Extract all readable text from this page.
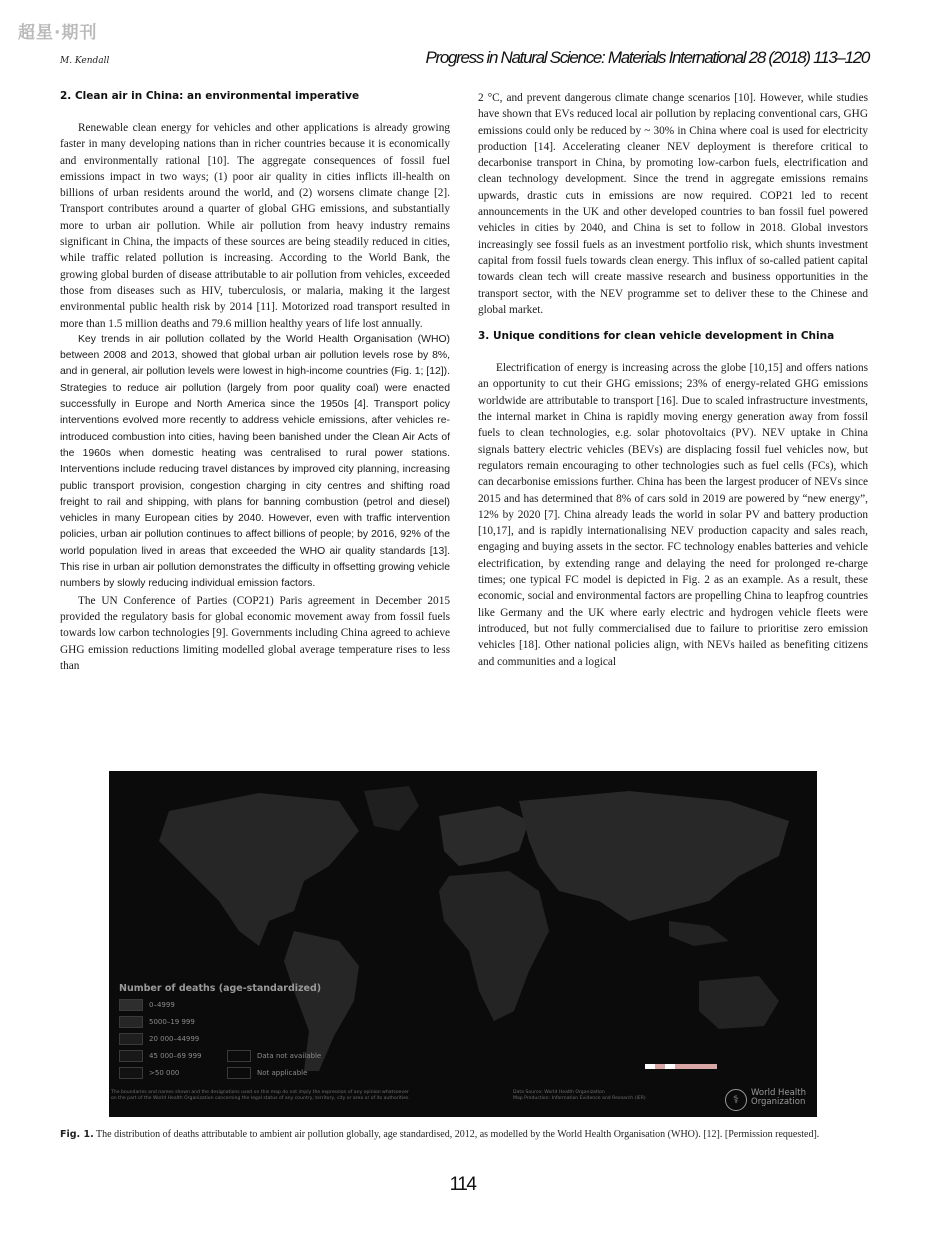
超星·期刊
M. Kendall	Progress in Natural Science: Materials International 28 (2018) 113–120
2. Clean air in China: an environmental imperative

Renewable clean energy for vehicles and other applications is already growing faster in many developing nations than in richer countries because it is economically and environmentally rational [10]. The aggregate consequences of fossil fuel emissions impact in two ways; (1) poor air quality in cities inflicts ill-health on billions of urban residents around the world, and (2) worsens climate change [2]. Transport contributes around a quarter of global GHG emissions, and substantially more to urban air pollution. While air pollution from heavy industry remains significant in China, the impacts of these sources are being steadily reduced in cities, while traffic related pollution is increasing. According to the World Bank, the growing global burden of disease attributable to air pollution from vehicles, exceeded those from diseases such as HIV, tuberculosis, or malaria, making it the largest environmental public health risk by 2014 [11]. Motorized road transport resulted in more than 1.5 million deaths and 79.6 million healthy years of life lost annually.

Key trends in air pollution collated by the World Health Organisation (WHO) between 2008 and 2013, showed that global urban air pollution levels rose by 8%, and in general, air pollution levels were lowest in high-income countries (Fig. 1; [12]). Strategies to reduce air pollution (largely from poor quality coal) were enacted successfully in Europe and North America since the 1950s [4]. Transport policy interventions evolved more recently to address vehicle emissions, after vehicles re-introduced combustion into cities, having been banished under the Clean Air Acts of the 1960s when domestic heating was centralised to rural power stations. Interventions include reducing travel distances by improved city planning, increasing public transport provision, congestion charging in city centres and shifting road freight to rail and shipping, with plans for banning combustion (petrol and diesel) vehicles in many European cities by 2040. However, even with traffic intervention policies, urban air pollution continues to affect billions of people; by 2016, 92% of the world population lived in areas that exceeded the WHO air quality standards [13]. This rise in urban air pollution demonstrates the difficulty in offsetting growing vehicle numbers by slowly reducing individual emission factors.

The UN Conference of Parties (COP21) Paris agreement in December 2015 provided the regulatory basis for global economic movement away from fossil fuels towards low carbon technologies [9]. Governments including China agreed to achieve GHG emission reductions limiting modelled global average temperature rises to less than

2 °C, and prevent dangerous climate change scenarios [10]. However, while studies have shown that EVs reduced local air pollution by replacing conventional cars, GHG emissions could only be reduced by ~ 30% in China where coal is used for electricity production [14]. Accelerating cleaner NEV deployment is therefore critical to decarbonise transport in China, by promoting low-carbon fuels, electrification and clean technology development. Since the trend in aggregate emissions remains upwards, drastic cuts in emissions are now required. COP21 led to recent announcements in the UK and other developed countries to ban fossil fuel powered vehicles in cities by 2040, and China is set to follow in 2018. Global investors increasingly see fossil fuels as an investment portfolio risk, which shunts investment capital from fossil fuels towards clean energy. This influx of so-called patient capital towards clean tech will create massive research and business opportunities in the transport sector, with the NEV programme set to deliver these to the Chinese and global market.

3. Unique conditions for clean vehicle development in China

Electrification of energy is increasing across the globe [10,15] and offers nations an opportunity to cut their GHG emissions; 23% of energy-related GHG emissions worldwide are attributable to transport [16]. Due to scaled infrastructure investments, the internal market in China is rapidly moving energy generation away from fossil fuels to clean technologies, e.g. solar photovoltaics (PV). NEV uptake in China signals battery electric vehicles (BEVs) are displacing fossil fuel vehicles now, but regulators remain encouraging to other technologies such as fuel cells (FCs), which can decarbonise emissions further. China has been the largest producer of NEVs since 2015 and has determined that 8% of cars sold in 2019 are powered by “new energy”, 12% by 2020 [7]. China already leads the world in solar PV and battery production [10,17], and is rapidly internationalising NEV production capacity and sales reach, engaging and buying assets in the sector. FC technology enables batteries and vehicle electrification, by extending range and delaying the need for prolonged re-charge times; one typical FC model is depicted in Fig. 2 as an example. As a result, these economic, social and environmental factors are propelling China to leapfrog countries like Germany and the UK where early electric and hydrogen vehicle fleets were introduced, but not fully commercialised due to failure to prioritise zero emission vehicles [18]. Other national policies align, with NEVs hailed as benefiting citizens and communities and a logical

Number of deaths (age-standardized)
0–4999
5000–19 999
20 000–44999
45 000–69 999
>50 000
Data not available
Not applicable
The boundaries and names shown and the designations used on this map do not imply the expression of any opinion whatsoever
on the part of the World Health Organization concerning the legal status of any country, territory, city or area or of its authorities.
Data Source: World Health Organization
Map Production: Information Evidence and Research (IER)	⚕ World Health
Organization
Fig. 1. The distribution of deaths attributable to ambient air pollution globally, age standardised, 2012, as modelled by the World Health Organisation (WHO). [12]. [Permission requested].
114
